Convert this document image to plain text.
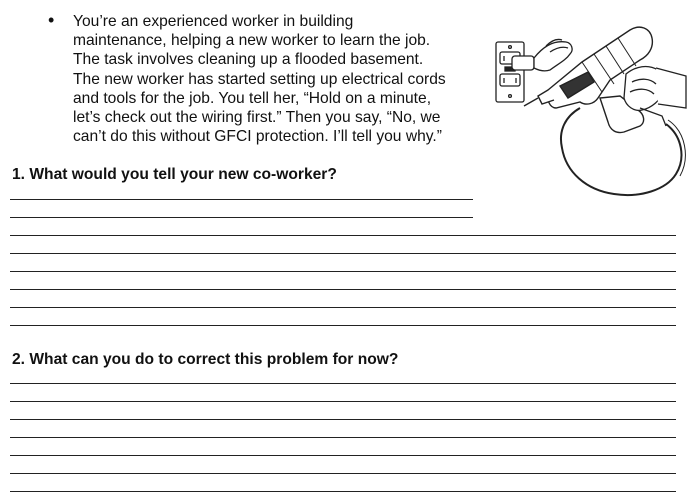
• You’re an experienced worker in building
maintenance, helping a new worker to learn the job.
The task involves cleaning up a flooded basement.
The new worker has started setting up electrical cords
and tools for the job. You tell her, “Hold on a minute,
let’s check out the wiring first.” Then you say, “No, we
can’t do this without GFCI protection. I’ll tell you why.”
1. What would you tell your new co-worker?
2. What can you do to correct this problem for now?
